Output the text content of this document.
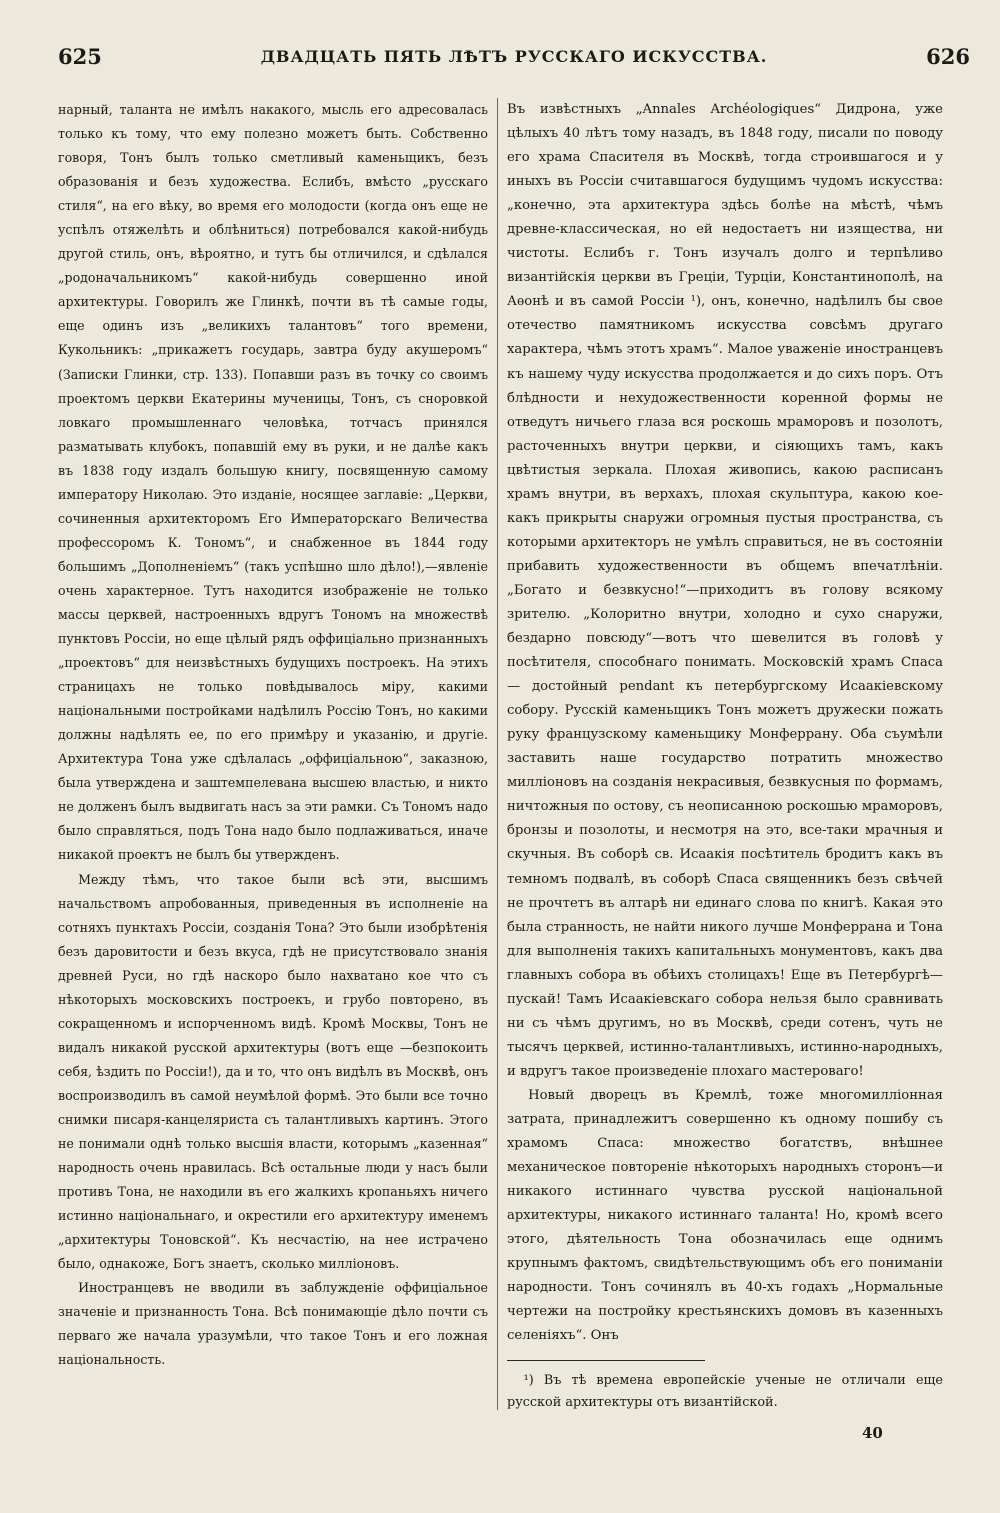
625	ДВАДЦАТЬ ПЯТЬ ЛѢТЪ РУССКАГО ИСКУССТВА.	626

нарный, таланта не имѣлъ накакого, мысль его адресовалась только къ тому, что ему полезно можетъ быть. Собственно говоря, Тонъ былъ только сметливый каменьщикъ, безъ образованія и безъ художества. Еслибъ, вмѣсто „русскаго стиля“, на его вѣку, во время его молодости (когда онъ еще не успѣлъ отяжелѣть и облѣниться) потребовался какой-нибудь другой стиль, онъ, вѣроятно, и тутъ бы отличился, и сдѣлался „родоначальникомъ“ какой-нибудь совершенно иной архитектуры. Говорилъ же Глинкѣ, почти въ тѣ самые годы, еще одинъ изъ „великихъ талантовъ“ того времени, Кукольникъ: „прикажетъ государь, завтра буду акушеромъ“ (Записки Глинки, стр. 133). Попавши разъ въ точку со своимъ проектомъ церкви Екатерины мученицы, Тонъ, съ сноровкой ловкаго промышленнаго человѣка, тотчасъ принялся разматывать клубокъ, попавшій ему въ руки, и не далѣе какъ въ 1838 году издалъ большую книгу, посвященную самому императору Николаю. Это изданіе, носящее заглавіе: „Церкви, сочиненныя архитекторомъ Его Императорскаго Величества профессоромъ К. Тономъ“, и снабженное въ 1844 году большимъ „Дополненіемъ“ (такъ успѣшно шло дѣло!),—явленіе очень характерное. Тутъ находится изображеніе не только массы церквей, настроенныхъ вдругъ Тономъ на множествѣ пунктовъ Россіи, но еще цѣлый рядъ оффиціально признанныхъ „проектовъ“ для неизвѣстныхъ будущихъ построекъ. На этихъ страницахъ не только повѣдывалось міру, какими національными постройками надѣлилъ Россію Тонъ, но какими должны надѣлять ее, по его примѣру и указанію, и другіе. Архитектура Тона уже сдѣлалась „оффиціальною“, заказною, была утверждена и заштемпелевана высшею властью, и никто не долженъ былъ выдвигать насъ за эти рамки. Съ Тономъ надо было справляться, подъ Тона надо было подлаживаться, иначе никакой проектъ не былъ бы утвержденъ.

Между тѣмъ, что такое были всѣ эти, высшимъ начальствомъ апробованныя, приведенныя въ исполненіе на сотняхъ пунктахъ Россіи, созданія Тона? Это были изобрѣтенія безъ даровитости и безъ вкуса, гдѣ не присутствовало знанія древней Руси, но гдѣ наскоро было нахватано кое что съ нѣкоторыхъ московскихъ построекъ, и грубо повторено, въ сокращенномъ и испорченномъ видѣ. Кромѣ Москвы, Тонъ не видалъ никакой русской архитектуры (вотъ еще —безпокоить себя, ѣздить по Россіи!), да и то, что онъ видѣлъ въ Москвѣ, онъ воспроизводилъ въ самой неумѣлой формѣ. Это были все точно снимки писаря-канцеляриста съ талантливыхъ картинъ. Этого не понимали однѣ только высшія власти, которымъ „казенная“ народность очень нравилась. Всѣ остальные люди у насъ были противъ Тона, не находили въ его жалкихъ кропаньяхъ ничего истинно національнаго, и окрестили его архитектуру именемъ „архитектуры Тоновской“. Къ несчастію, на нее истрачено было, однакоже, Богъ знаетъ, сколько милліоновъ.

Иностранцевъ не вводили въ заблужденіе оффиціальное значеніе и признанность Тона. Всѣ понимающіе дѣло почти съ перваго же начала уразумѣли, что такое Тонъ и его ложная національность.

Въ извѣстныхъ „Annales Archéologiques“ Дидрона, уже цѣлыхъ 40 лѣтъ тому назадъ, въ 1848 году, писали по поводу его храма Спасителя въ Москвѣ, тогда строившагося и у иныхъ въ Россіи считавшагося будущимъ чудомъ искусства: „конечно, эта архитектура здѣсь болѣе на мѣстѣ, чѣмъ древне-классическая, но ей недостаетъ ни изящества, ни чистоты. Еслибъ г. Тонъ изучалъ долго и терпѣливо византійскія церкви въ Греціи, Турціи, Константинополѣ, на Аѳонѣ и въ самой Россіи ¹), онъ, конечно, надѣлилъ бы свое отечество памятникомъ искусства совсѣмъ другаго характера, чѣмъ этотъ храмъ“. Малое уваженіе иностранцевъ къ нашему чуду искусства продолжается и до сихъ поръ. Отъ блѣдности и нехудожественности коренной формы не отведутъ ничьего глаза вся роскошь мраморовъ и позолотъ, расточенныхъ внутри церкви, и сіяющихъ тамъ, какъ цвѣтистыя зеркала. Плохая живопись, какою расписанъ храмъ внутри, въ верхахъ, плохая скульптура, какою кое-какъ прикрыты снаружи огромныя пустыя пространства, съ которыми архитекторъ не умѣлъ справиться, не въ состояніи прибавить художественности въ общемъ впечатлѣніи. „Богато и безвкусно!“—приходитъ въ голову всякому зрителю. „Колоритно внутри, холодно и сухо снаружи, бездарно повсюду“—вотъ что шевелится въ головѣ у посѣтителя, способнаго понимать. Московскій храмъ Спаса — достойный pendant къ петербургскому Исаакіевскому собору. Русскій каменьщикъ Тонъ можетъ дружески пожать руку французскому каменьщику Монферрану. Оба съумѣли заставить наше государство потратить множество милліоновъ на созданія некрасивыя, безвкусныя по формамъ, ничтожныя по остову, съ неописанною роскошью мраморовъ, бронзы и позолоты, и несмотря на это, все-таки мрачныя и скучныя. Въ соборѣ св. Исаакія посѣтитель бродитъ какъ въ темномъ подвалѣ, въ соборѣ Спаса священникъ безъ свѣчей не прочтетъ въ алтарѣ ни единаго слова по книгѣ. Какая это была странность, не найти никого лучше Монферрана и Тона для выполненія такихъ капитальныхъ монументовъ, какъ два главныхъ собора въ обѣихъ столицахъ! Еще въ Петербургѣ—пускай! Тамъ Исаакіевскаго собора нельзя было сравнивать ни съ чѣмъ другимъ, но въ Москвѣ, среди сотенъ, чуть не тысячъ церквей, истинно-талантливыхъ, истинно-народныхъ, и вдругъ такое произведеніе плохаго мастероваго!

Новый дворецъ въ Кремлѣ, тоже многомилліонная затрата, принадлежитъ совершенно къ одному пошибу съ храмомъ Спаса: множество богатствъ, внѣшнее механическое повтореніе нѣкоторыхъ народныхъ сторонъ—и никакого истиннаго чувства русской національной архитектуры, никакого истиннаго таланта! Но, кромѣ всего этого, дѣятельность Тона обозначилась еще однимъ крупнымъ фактомъ, свидѣтельствующимъ объ его пониманіи народности. Тонъ сочинялъ въ 40-хъ годахъ „Нормальные чертежи на постройку крестьянскихъ домовъ въ казенныхъ селеніяхъ“. Онъ

¹) Въ тѣ времена европейскіе ученые не отличали еще русской архитектуры отъ византійской.
40
